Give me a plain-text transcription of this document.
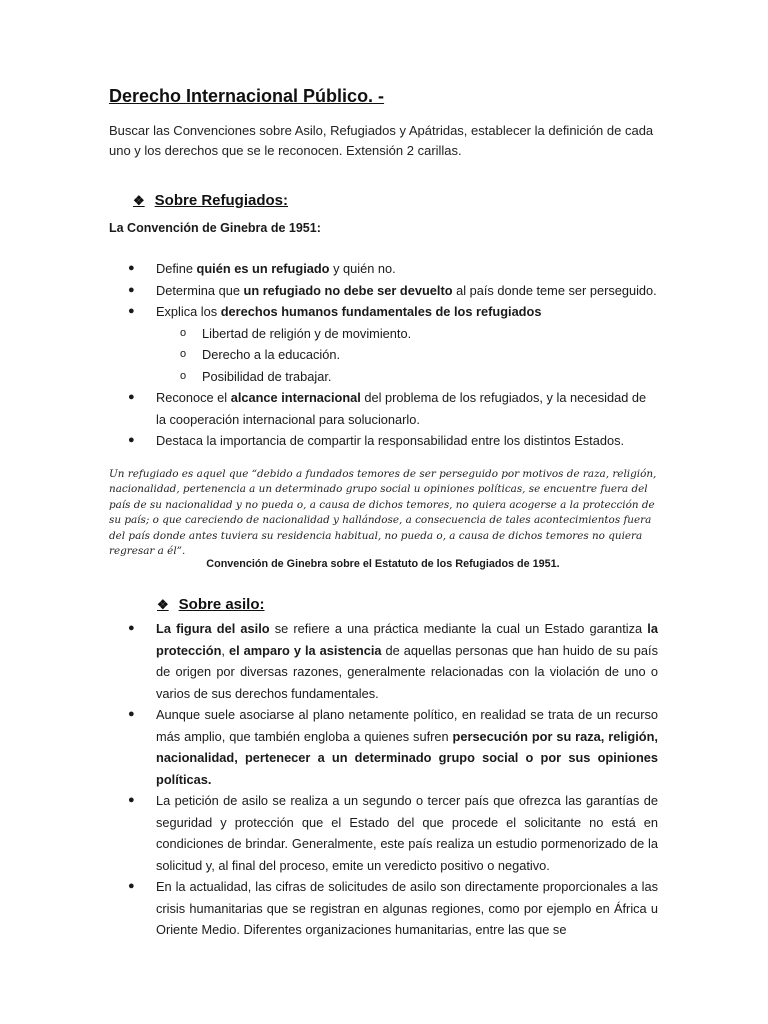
Derecho Internacional Público. -
Buscar las Convenciones sobre Asilo, Refugiados y Apátridas, establecer la definición de cada uno y los derechos que se le reconocen. Extensión 2 carillas.
❖ Sobre Refugiados:
La Convención de Ginebra de 1951:
● Define quién es un refugiado y quién no.
● Determina que un refugiado no debe ser devuelto al país donde teme ser perseguido.
● Explica los derechos humanos fundamentales de los refugiados
o Libertad de religión y de movimiento.
o Derecho a la educación.
o Posibilidad de trabajar.
● Reconoce el alcance internacional del problema de los refugiados, y la necesidad de la cooperación internacional para solucionarlo.
● Destaca la importancia de compartir la responsabilidad entre los distintos Estados.
Un refugiado es aquel que “debido a fundados temores de ser perseguido por motivos de raza, religión, nacionalidad, pertenencia a un determinado grupo social u opiniones políticas, se encuentre fuera del país de su nacionalidad y no pueda o, a causa de dichos temores, no quiera acogerse a la protección de su país; o que careciendo de nacionalidad y hallándose, a consecuencia de tales acontecimientos fuera del país donde antes tuviera su residencia habitual, no pueda o, a causa de dichos temores no quiera regresar a él”.
Convención de Ginebra sobre el Estatuto de los Refugiados de 1951.
❖ Sobre asilo:
● La figura del asilo se refiere a una práctica mediante la cual un Estado garantiza la protección, el amparo y la asistencia de aquellas personas que han huido de su país de origen por diversas razones, generalmente relacionadas con la violación de uno o varios de sus derechos fundamentales.
● Aunque suele asociarse al plano netamente político, en realidad se trata de un recurso más amplio, que también engloba a quienes sufren persecución por su raza, religión, nacionalidad, pertenecer a un determinado grupo social o por sus opiniones políticas.
● La petición de asilo se realiza a un segundo o tercer país que ofrezca las garantías de seguridad y protección que el Estado del que procede el solicitante no está en condiciones de brindar. Generalmente, este país realiza un estudio pormenorizado de la solicitud y, al final del proceso, emite un veredicto positivo o negativo.
● En la actualidad, las cifras de solicitudes de asilo son directamente proporcionales a las crisis humanitarias que se registran en algunas regiones, como por ejemplo en África u Oriente Medio. Diferentes organizaciones humanitarias, entre las que se
